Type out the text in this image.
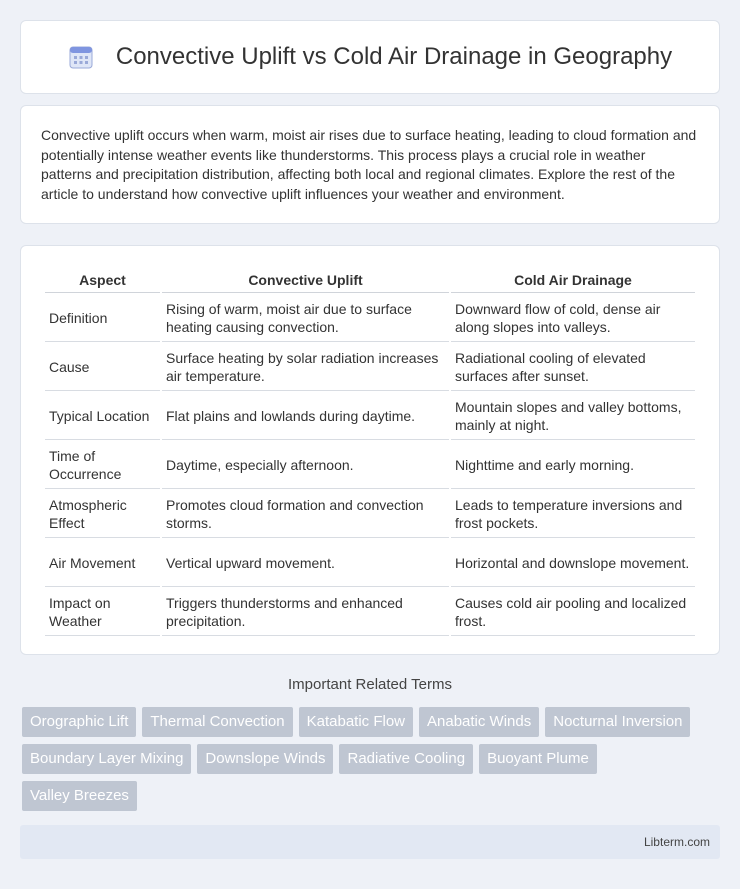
Convective Uplift vs Cold Air Drainage in Geography

Convective uplift occurs when warm, moist air rises due to surface heating, leading to cloud formation and potentially intense weather events like thunderstorms. This process plays a crucial role in weather patterns and precipitation distribution, affecting both local and regional climates. Explore the rest of the article to understand how convective uplift influences your weather and environment.

Aspect	Convective Uplift	Cold Air Drainage
Definition	Rising of warm, moist air due to surface heating causing convection.	Downward flow of cold, dense air along slopes into valleys.
Cause	Surface heating by solar radiation increases air temperature.	Radiational cooling of elevated surfaces after sunset.
Typical Location	Flat plains and lowlands during daytime.	Mountain slopes and valley bottoms, mainly at night.
Time of Occurrence	Daytime, especially afternoon.	Nighttime and early morning.
Atmospheric Effect	Promotes cloud formation and convection storms.	Leads to temperature inversions and frost pockets.
Air Movement	Vertical upward movement.	Horizontal and downslope movement.
Impact on Weather	Triggers thunderstorms and enhanced precipitation.	Causes cold air pooling and localized frost.
Important Related Terms
Orographic Lift	Thermal Convection	Katabatic Flow	Anabatic Winds	Nocturnal Inversion
Boundary Layer Mixing	Downslope Winds	Radiative Cooling	Buoyant Plume
Valley Breezes
Libterm.com
